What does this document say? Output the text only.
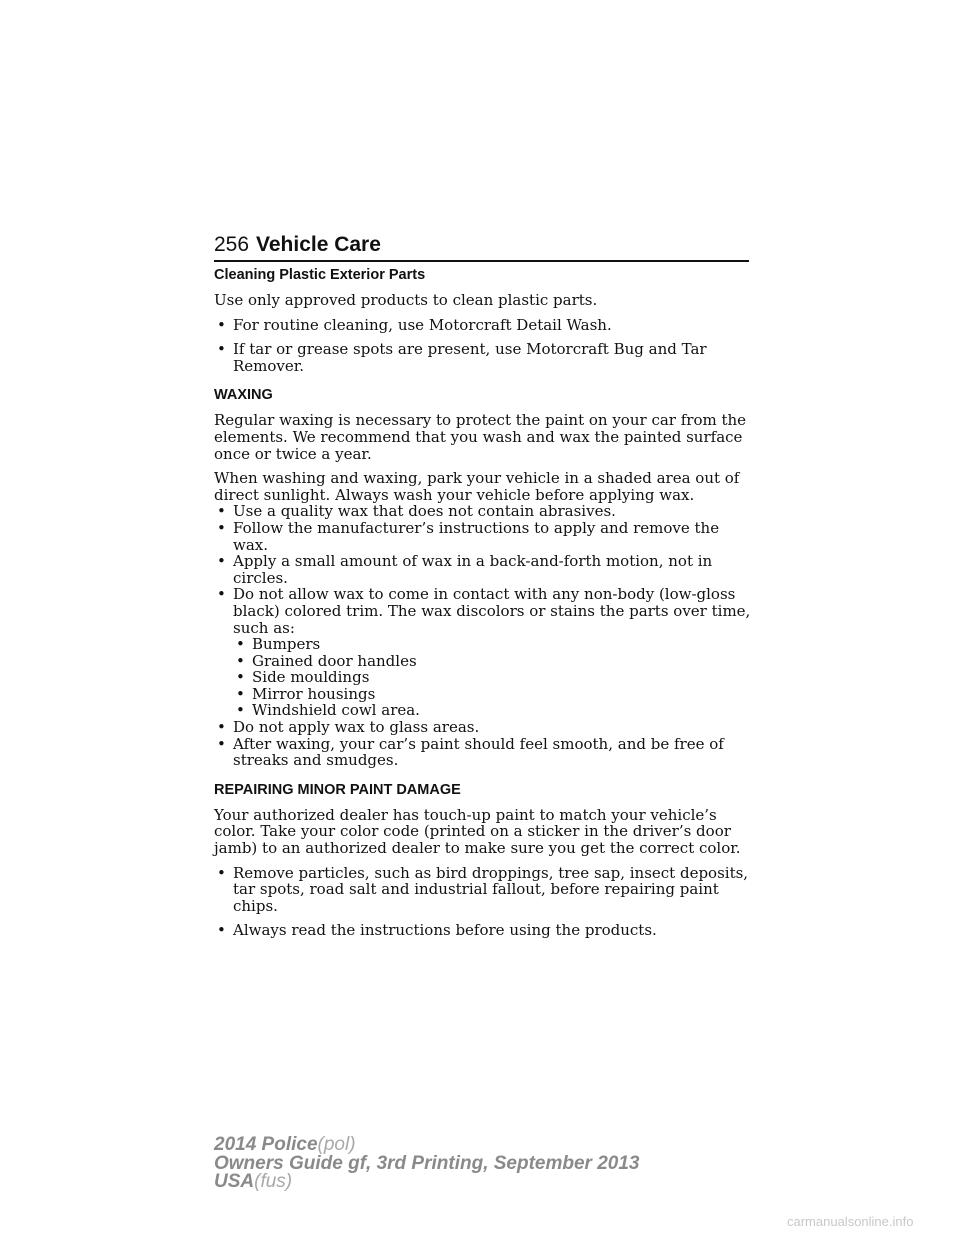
256 Vehicle Care

Cleaning Plastic Exterior Parts

Use only approved products to clean plastic parts.

• For routine cleaning, use Motorcraft Detail Wash.
• If tar or grease spots are present, use Motorcraft Bug and Tar Remover.

WAXING

Regular waxing is necessary to protect the paint on your car from the elements. We recommend that you wash and wax the painted surface once or twice a year.

When washing and waxing, park your vehicle in a shaded area out of direct sunlight. Always wash your vehicle before applying wax.

• Use a quality wax that does not contain abrasives.
• Follow the manufacturer’s instructions to apply and remove the wax.
• Apply a small amount of wax in a back-and-forth motion, not in circles.
• Do not allow wax to come in contact with any non-body (low-gloss black) colored trim. The wax discolors or stains the parts over time, such as:
• Bumpers
• Grained door handles
• Side mouldings
• Mirror housings
• Windshield cowl area.
• Do not apply wax to glass areas.
• After waxing, your car’s paint should feel smooth, and be free of streaks and smudges.

REPAIRING MINOR PAINT DAMAGE

Your authorized dealer has touch-up paint to match your vehicle’s color. Take your color code (printed on a sticker in the driver’s door jamb) to an authorized dealer to make sure you get the correct color.

• Remove particles, such as bird droppings, tree sap, insect deposits, tar spots, road salt and industrial fallout, before repairing paint chips.
• Always read the instructions before using the products.
2014 Police(pol)
Owners Guide gf, 3rd Printing, September 2013
USA(fus)
carmanualsonline.info
